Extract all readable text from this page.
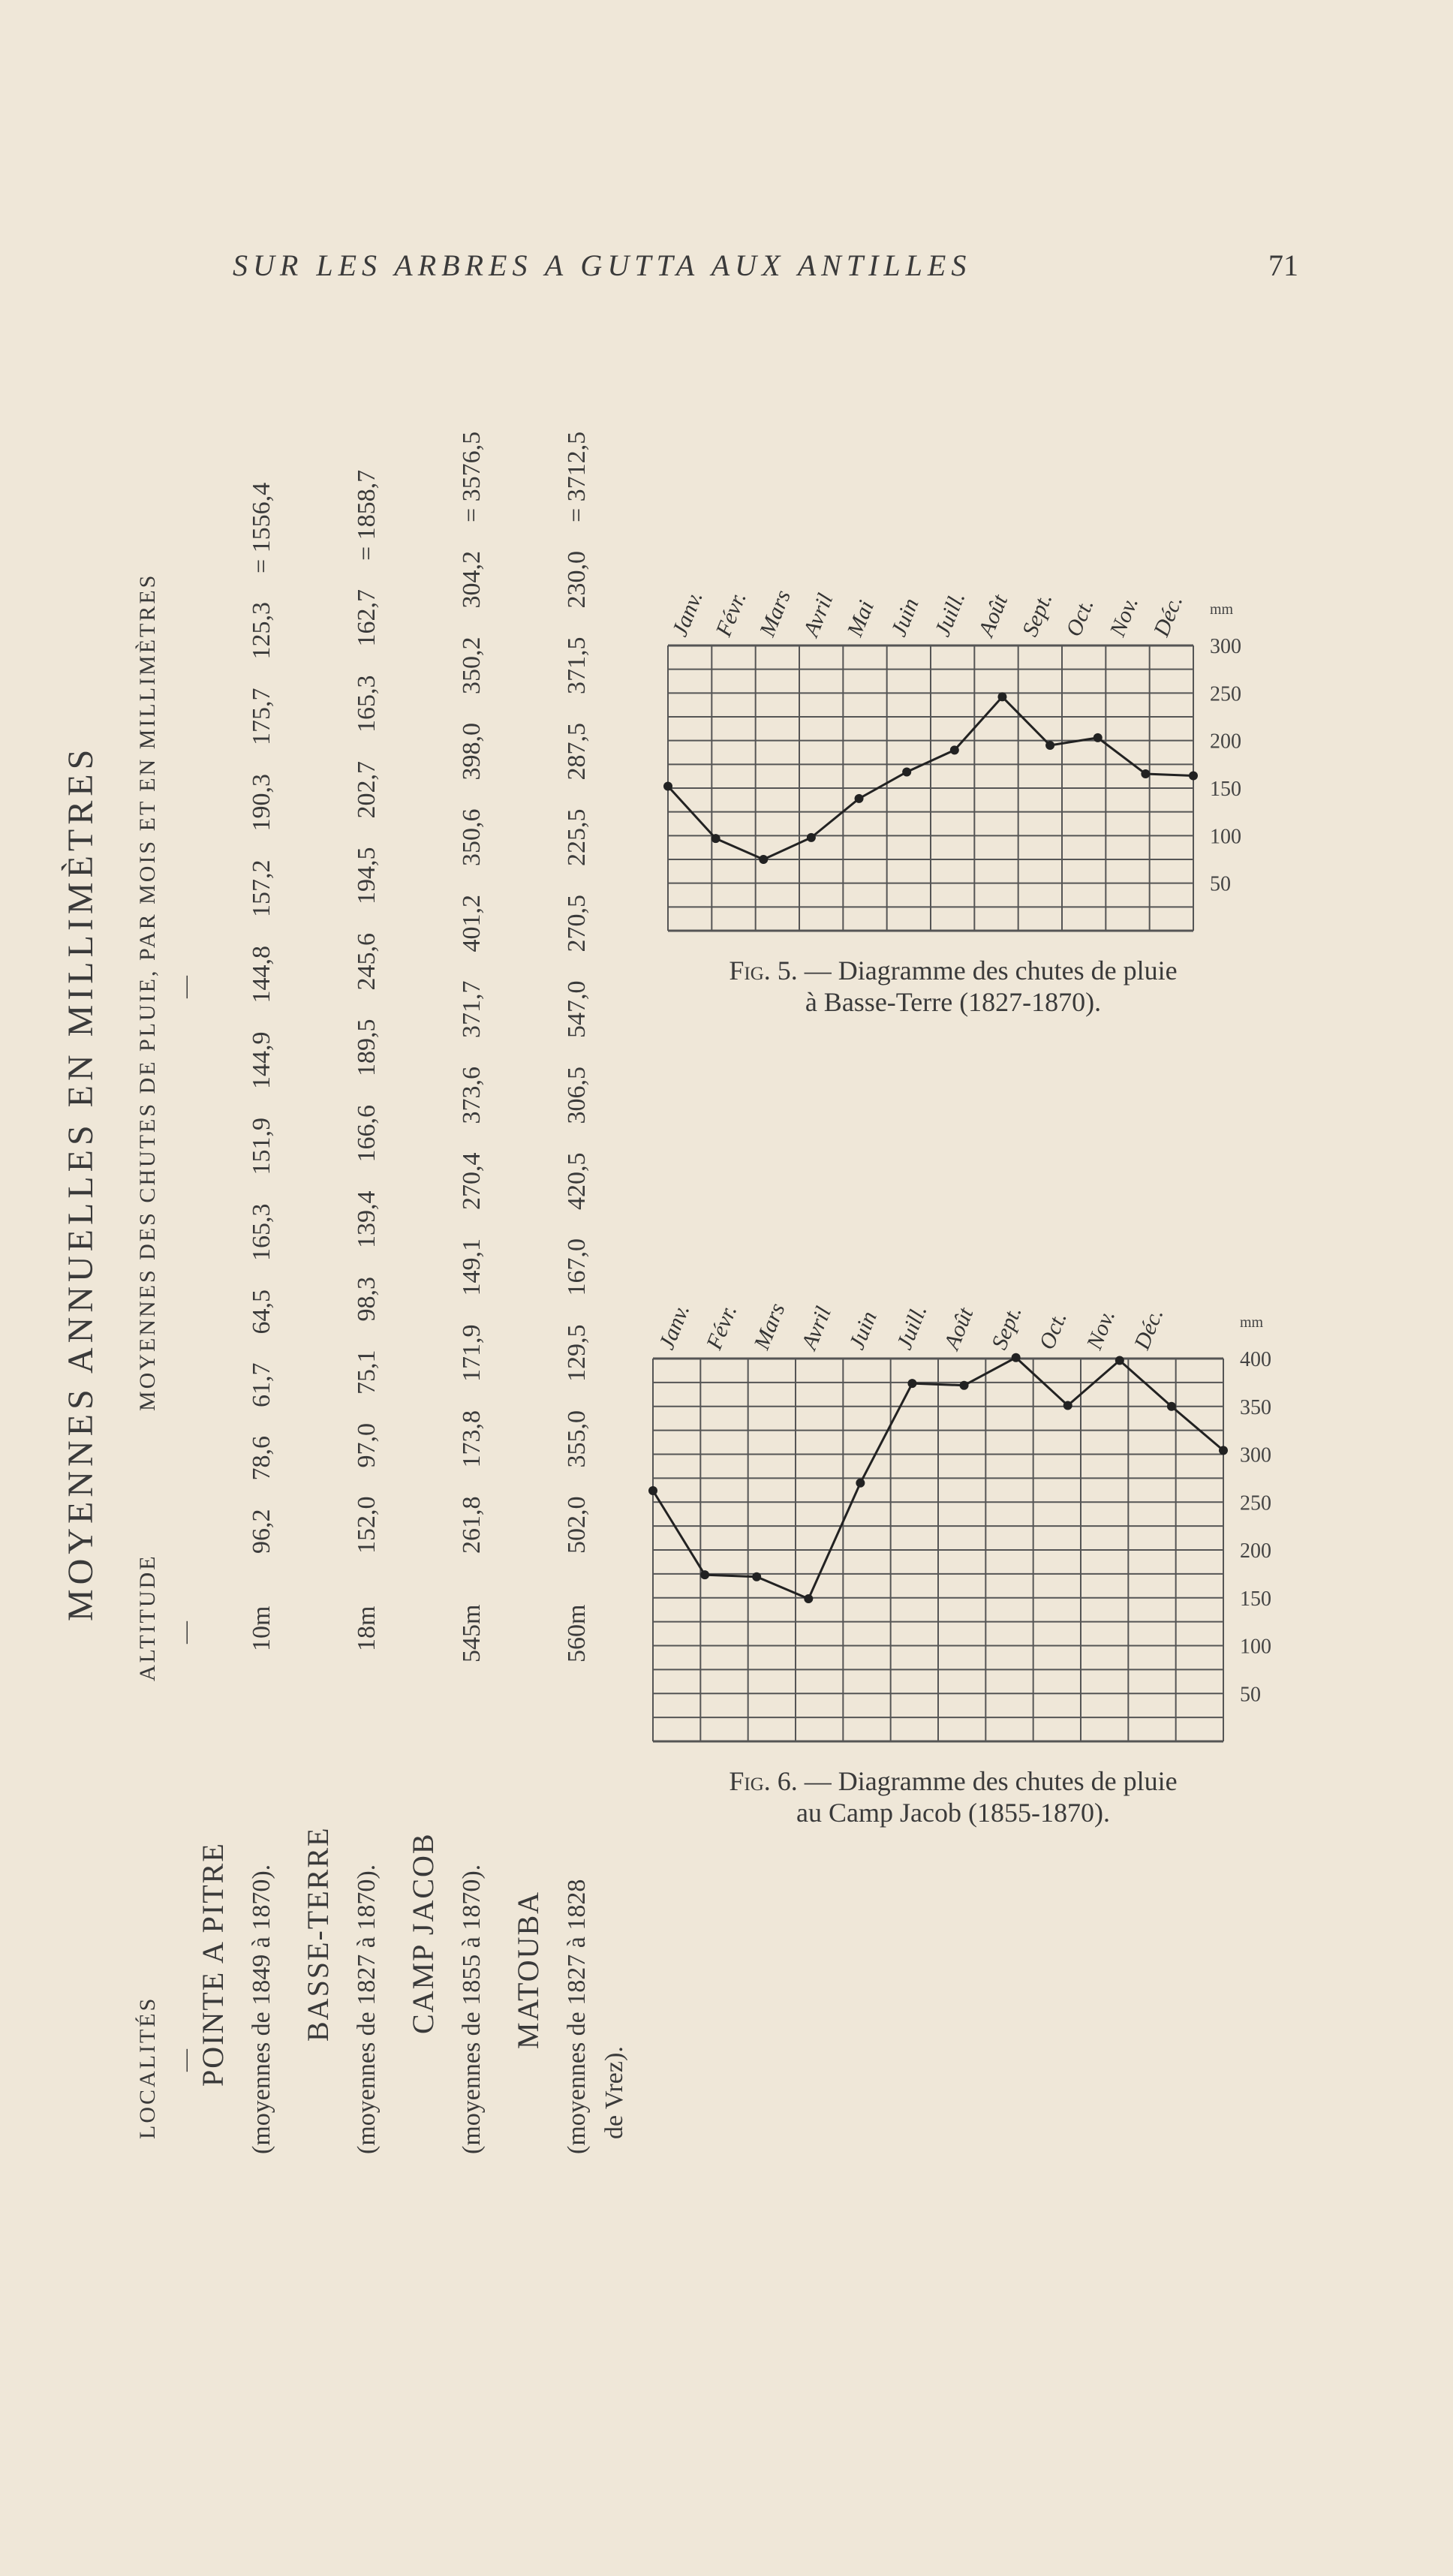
SUR LES ARBRES A GUTTA AUX ANTILLES	71
MOYENNES ANNUELLES EN MILLIMÈTRES
LOCALITÉS
ALTITUDE
MOYENNES DES CHUTES DE PLUIE, PAR MOIS ET EN MILLIMÈTRES
—
—
—
POINTE A PITRE (moyennes de 1849 à 1870).
10m
96,278,661,764,5165,3151,9144,9144,8157,2190,3175,7125,3= 1556,4
BASSE-TERRE (moyennes de 1827 à 1870).
18m
152,097,075,198,3139,4166,6189,5245,6194,5202,7165,3162,7= 1858,7
CAMP JACOB (moyennes de 1855 à 1870).
545m
261,8173,8171,9149,1270,4373,6371,7401,2350,6398,0350,2304,2= 3576,5
MATOUBA (moyennes de 1827 à 1828 de Vrez).
560m
502,0355,0129,5167,0420,5306,5547,0270,5225,5287,5371,5230,0= 3712,5
Janv. Févr. Mars Avril Mai Juin Juill. Août Sept. Oct. Nov. Déc.
300
250
200
150
100
50
mm
Fig. 5. — Diagramme des chutes de pluie
à Basse-Terre (1827-1870).
Janv. Févr. Mars Avril Juin Juill. Août Sept. Oct. Nov. Déc.
400
350
300
250
200
150
100
50
mm
Fig. 6. — Diagramme des chutes de pluie
au Camp Jacob (1855-1870).
